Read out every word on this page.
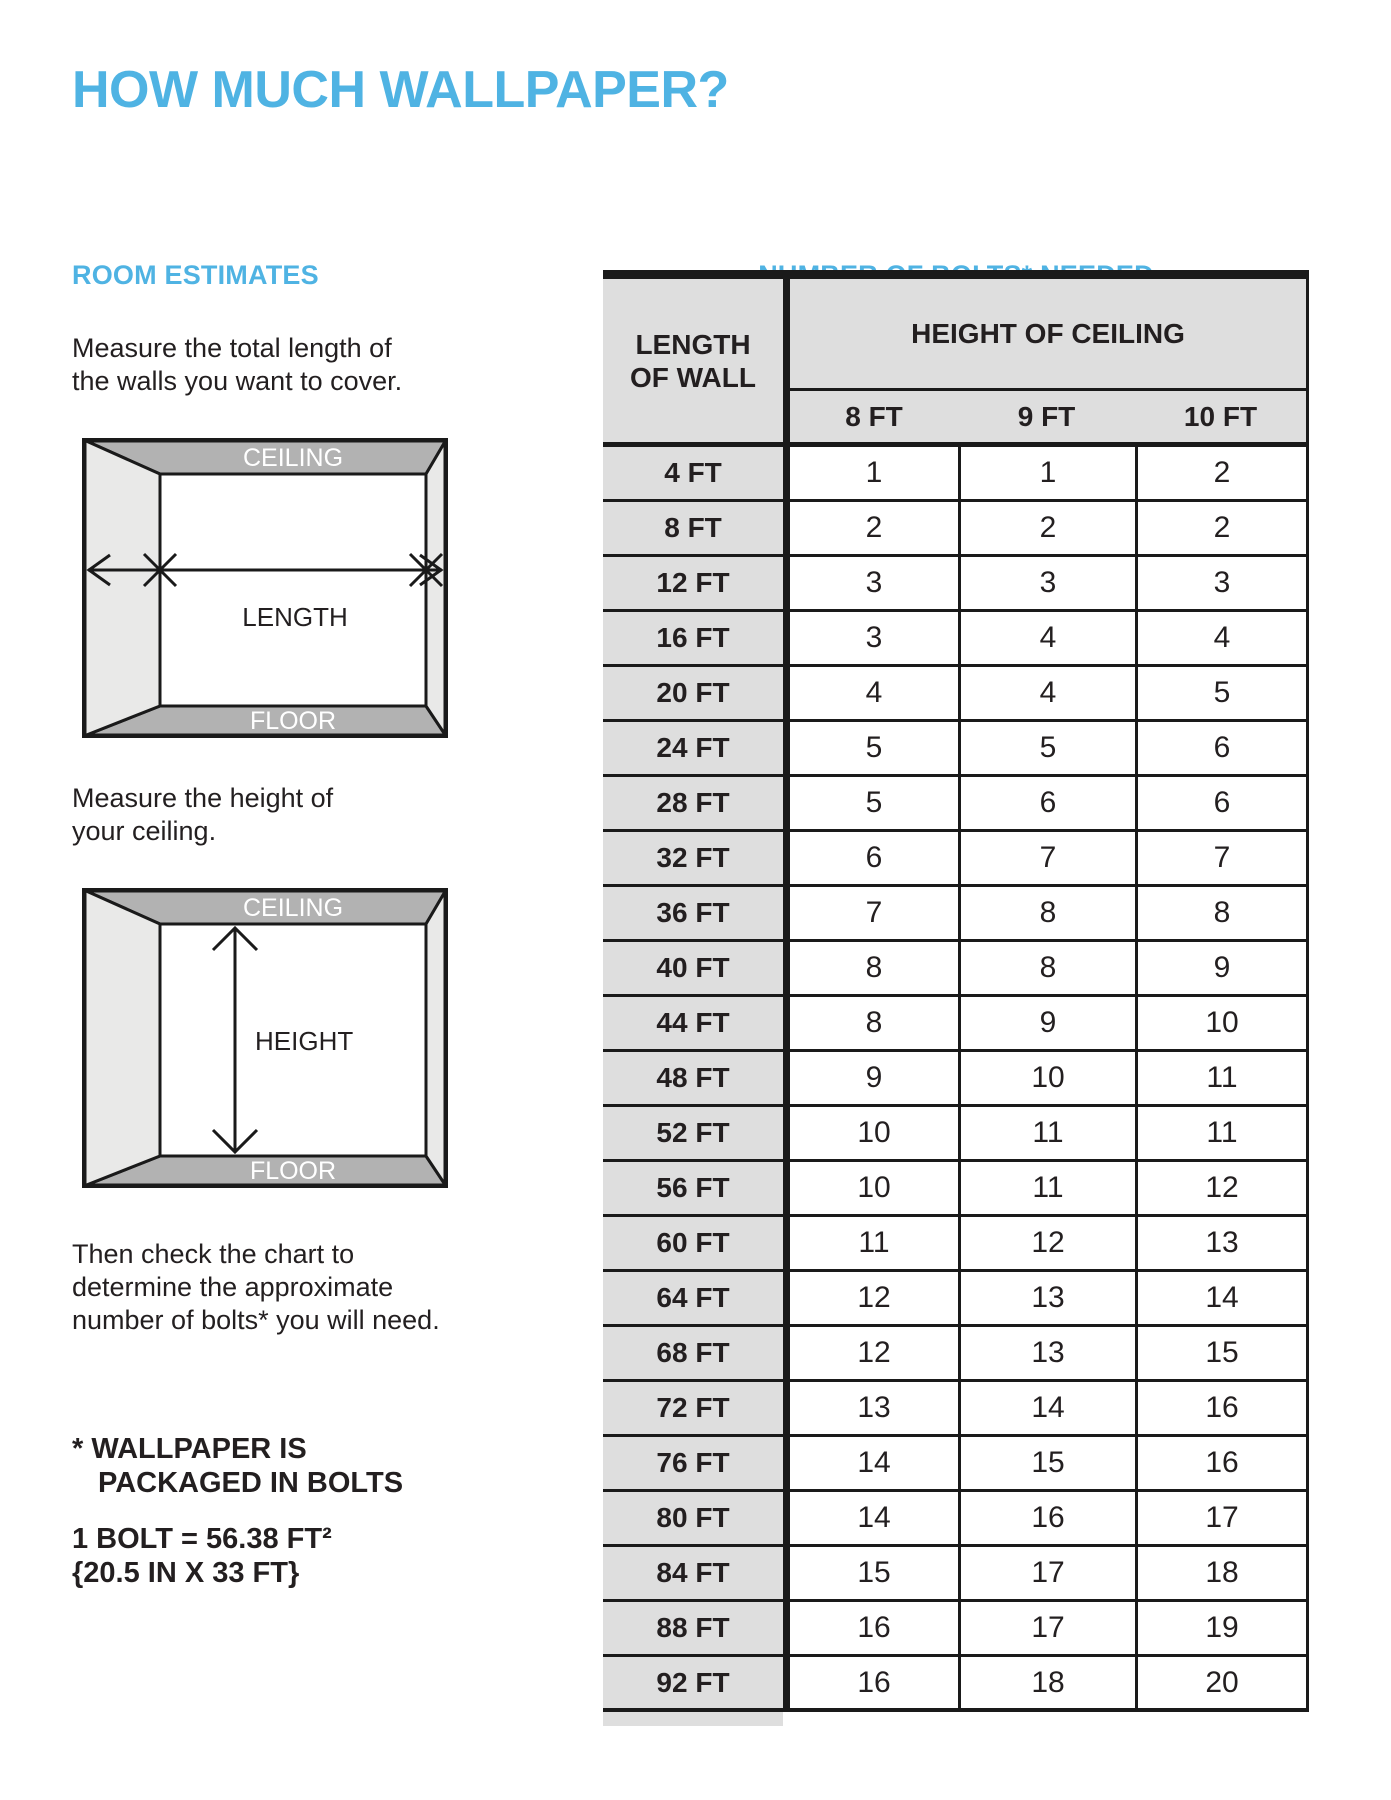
HOW MUCH WALLPAPER?
ROOM ESTIMATES
Measure the total length of
the walls you want to cover.
CEILING
FLOOR
LENGTH
Measure the height of
your ceiling.
CEILING
FLOOR
HEIGHT
Then check the chart to
determine the approximate
number of bolts* you will need.
* WALLPAPER IS
PACKAGED IN BOLTS
1 BOLT = 56.38 FT²
{20.5 IN X 33 FT}
LENGTH
OF WALL
HEIGHT OF CEILING
8 FT	9 FT	10 FT
4 FT	1	1	2
8 FT	2	2	2
12 FT	3	3	3
16 FT	3	4	4
20 FT	4	4	5
24 FT	5	5	6
28 FT	5	6	6
32 FT	6	7	7
36 FT	7	8	8
40 FT	8	8	9
44 FT	8	9	10
48 FT	9	10	11
52 FT	10	11	11
56 FT	10	11	12
60 FT	11	12	13
64 FT	12	13	14
68 FT	12	13	15
72 FT	13	14	16
76 FT	14	15	16
80 FT	14	16	17
84 FT	15	17	18
88 FT	16	17	19
92 FT	16	18	20
